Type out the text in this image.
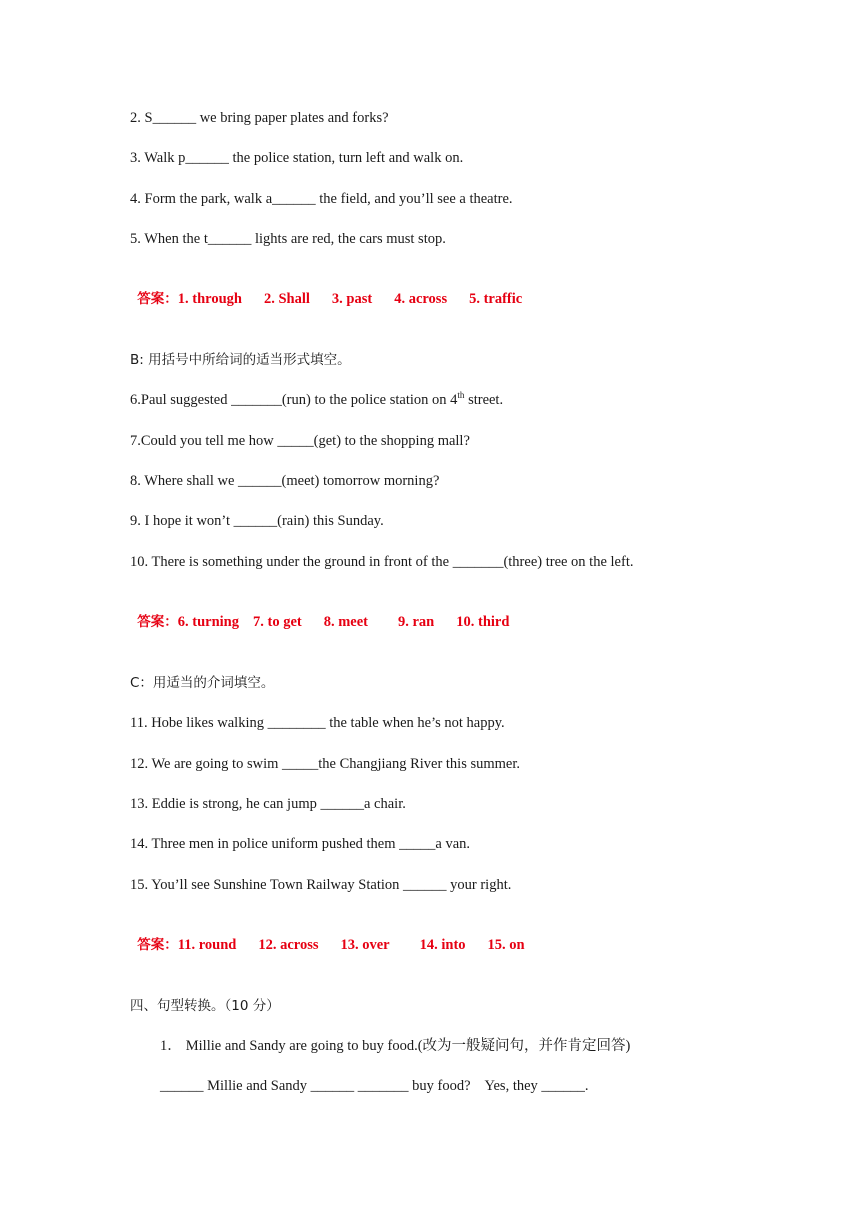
2. S______ we bring paper plates and forks?
3. Walk p______ the police station, turn left and walk on.
4. Form the park, walk a______ the field, and you’ll see a theatre.
5. When the t______ lights are red, the cars must stop.

答案：1. through 2. Shall 3. past 4. across 5. traffic

B: 用括号中所给词的适当形式填空。
6.Paul suggested _______(run) to the police station on 4th street.
7.Could you tell me how _____(get) to the shopping mall?
8. Where shall we ______(meet) tomorrow morning?
9. I hope it won’t ______(rain) this Sunday.
10. There is something under the ground in front of the _______(three) tree on the left.

答案：6. turning 7. to get 8. meet 9. ran 10. third

C：用适当的介词填空。
11. Hobe likes walking ________ the table when he’s not happy.
12. We are going to swim _____the Changjiang River this summer.
13. Eddie is strong, he can jump ______a chair.
14. Three men in police uniform pushed them _____a van.
15. You’ll see Sunshine Town Railway Station ______ your right.

答案：11. round 12. across 13. over 14. into 15. on

四、句型转换。（10 分）
1． Millie and Sandy are going to buy food.(改为一般疑问句，并作肯定回答)
______ Millie and Sandy ______ _______ buy food?    Yes, they ______.
